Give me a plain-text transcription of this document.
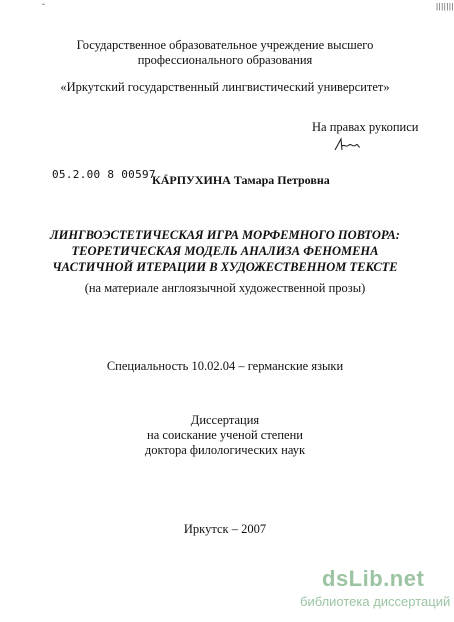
ˇ	|||||||
Государственное образовательное учреждение высшего
профессионального образования
«Иркутский государственный лингвистический университет»
На правах рукописи
05.2.00 8 00597 -
КАРПУХИНА Тамара Петровна
ЛИНГВОЭСТЕТИЧЕСКАЯ ИГРА МОРФЕМНОГО ПОВТОРА:
ТЕОРЕТИЧЕСКАЯ МОДЕЛЬ АНАЛИЗА ФЕНОМЕНА
ЧАСТИЧНОЙ ИТЕРАЦИИ В ХУДОЖЕСТВЕННОМ ТЕКСТЕ
(на материале англоязычной художественной прозы)
Специальность 10.02.04 – германские языки
Диссертация
на соискание ученой степени
доктора филологических наук
Иркутск – 2007
dsLib.net
библиотека диссертаций
